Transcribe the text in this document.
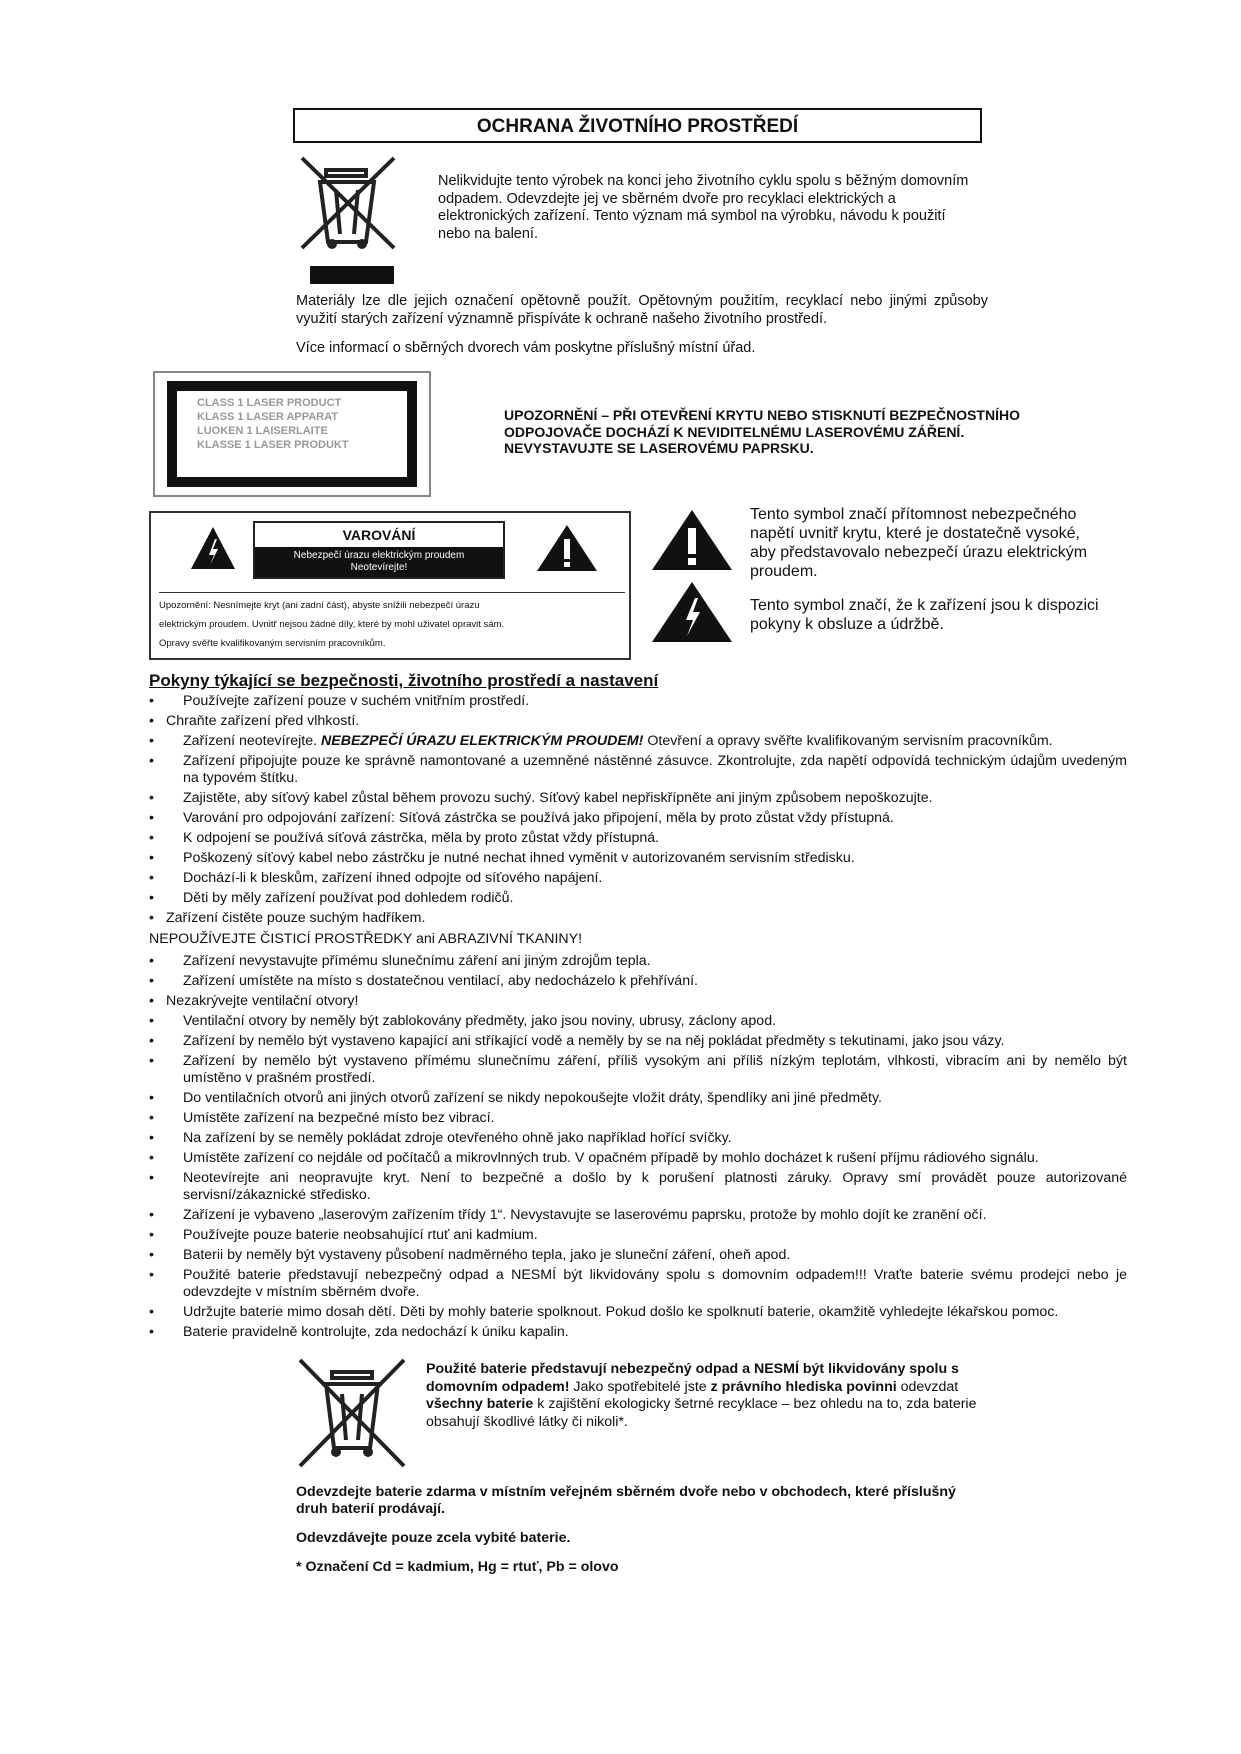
OCHRANA ŽIVOTNÍHO PROSTŘEDÍ
Nelikvidujte tento výrobek na konci jeho životního cyklu spolu s běžným domovním odpadem. Odevzdejte jej ve sběrném dvoře pro recyklaci elektrických a elektronických zařízení. Tento význam má symbol na výrobku, návodu k použití nebo na balení.
Materiály lze dle jejich označení opětovně použít. Opětovným použitím, recyklací nebo jinými způsoby využití starých zařízení významně přispíváte k ochraně našeho životního prostředí.
Více informací o sběrných dvorech vám poskytne příslušný místní úřad.
CLASS 1 LASER PRODUCT
KLASS 1 LASER APPARAT
LUOKEN 1 LAISERLAITE
KLASSE 1 LASER PRODUKT
UPOZORNĚNÍ – PŘI OTEVŘENÍ KRYTU NEBO STISKNUTÍ BEZPEČNOSTNÍHO ODPOJOVAČE DOCHÁZÍ K NEVIDITELNÉMU LASEROVÉMU ZÁŘENÍ. NEVYSTAVUJTE SE LASEROVÉMU PAPRSKU.
VAROVÁNÍ
Nebezpečí úrazu elektrickým proudem
Neotevírejte!
Upozornění: Nesnímejte kryt (ani zadní část), abyste snížili nebezpečí úrazu
elektrickým proudem. Uvnitř nejsou žádné díly, které by mohl uživatel opravit sám.
Opravy svěřte kvalifikovaným servisním pracovníkům.
Tento symbol značí přítomnost nebezpečného napětí uvnitř krytu, které je dostatečně vysoké, aby představovalo nebezpečí úrazu elektrickým proudem.
Tento symbol značí, že k zařízení jsou k dispozici pokyny k obsluze a údržbě.
Pokyny týkající se bezpečnosti, životního prostředí a nastavení
•	Používejte zařízení pouze v suchém vnitřním prostředí.
• Chraňte zařízení před vlhkostí.
•	Zařízení neotevírejte. NEBEZPEČÍ ÚRAZU ELEKTRICKÝM PROUDEM! Otevření a opravy svěřte kvalifikovaným servisním pracovníkům.
•	Zařízení připojujte pouze ke správně namontované a uzemněné nástěnné zásuvce. Zkontrolujte, zda napětí odpovídá technickým údajům uvedeným na typovém štítku.
•	Zajistěte, aby síťový kabel zůstal během provozu suchý. Síťový kabel nepřiskřípněte ani jiným způsobem nepoškozujte.
•	Varování pro odpojování zařízení: Síťová zástrčka se používá jako připojení, měla by proto zůstat vždy přístupná.
•	K odpojení se používá síťová zástrčka, měla by proto zůstat vždy přístupná.
•	Poškozený síťový kabel nebo zástrčku je nutné nechat ihned vyměnit v autorizovaném servisním středisku.
•	Dochází-li k bleskům, zařízení ihned odpojte od síťového napájení.
•	Děti by měly zařízení používat pod dohledem rodičů.
• Zařízení čistěte pouze suchým hadříkem.
NEPOUŽÍVEJTE ČISTICÍ PROSTŘEDKY ani ABRAZIVNÍ TKANINY!
•	Zařízení nevystavujte přímému slunečnímu záření ani jiným zdrojům tepla.
•	Zařízení umístěte na místo s dostatečnou ventilací, aby nedocházelo k přehřívání.
• Nezakrývejte ventilační otvory!
•	Ventilační otvory by neměly být zablokovány předměty, jako jsou noviny, ubrusy, záclony apod.
•	Zařízení by nemělo být vystaveno kapající ani stříkající vodě a neměly by se na něj pokládat předměty s tekutinami, jako jsou vázy.
•	Zařízení by nemělo být vystaveno přímému slunečnímu záření, příliš vysokým ani příliš nízkým teplotám, vlhkosti, vibracím ani by nemělo být umístěno v prašném prostředí.
•	Do ventilačních otvorů ani jiných otvorů zařízení se nikdy nepokoušejte vložit dráty, špendlíky ani jiné předměty.
•	Umístěte zařízení na bezpečné místo bez vibrací.
•	Na zařízení by se neměly pokládat zdroje otevřeného ohně jako například hořící svíčky.
•	Umístěte zařízení co nejdále od počítačů a mikrovlnných trub. V opačném případě by mohlo docházet k rušení příjmu rádiového signálu.
•	Neotevírejte ani neopravujte kryt. Není to bezpečné a došlo by k porušení platnosti záruky. Opravy smí provádět pouze autorizované servisní/zákaznické středisko.
•	Zařízení je vybaveno „laserovým zařízením třídy 1“. Nevystavujte se laserovému paprsku, protože by mohlo dojít ke zranění očí.
•	Používejte pouze baterie neobsahující rtuť ani kadmium.
•	Baterii by neměly být vystaveny působení nadměrného tepla, jako je sluneční záření, oheň apod.
•	Použité baterie představují nebezpečný odpad a NESMÍ být likvidovány spolu s domovním odpadem!!! Vraťte baterie svému prodejci nebo je odevzdejte v místním sběrném dvoře.
•	Udržujte baterie mimo dosah dětí. Děti by mohly baterie spolknout. Pokud došlo ke spolknutí baterie, okamžitě vyhledejte lékařskou pomoc.
•	Baterie pravidelně kontrolujte, zda nedochází k úniku kapalin.
Použité baterie představují nebezpečný odpad a NESMÍ být likvidovány spolu s domovním odpadem! Jako spotřebitelé jste z právního hlediska povinni odevzdat všechny baterie k zajištění ekologicky šetrné recyklace – bez ohledu na to, zda baterie obsahují škodlivé látky či nikoli*.
Odevzdejte baterie zdarma v místním veřejném sběrném dvoře nebo v obchodech, které příslušný druh baterií prodávají.
Odevzdávejte pouze zcela vybité baterie.
* Označení Cd = kadmium, Hg = rtuť, Pb = olovo
